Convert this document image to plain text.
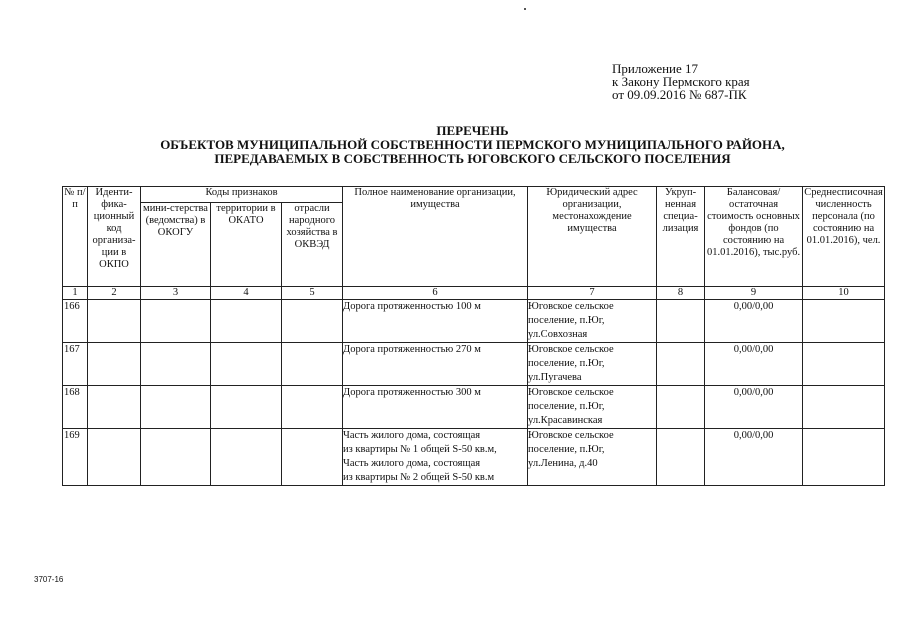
Приложение 17
к Закону Пермского края
от 09.09.2016 № 687-ПК
ПЕРЕЧЕНЬ
ОБЪЕКТОВ МУНИЦИПАЛЬНОЙ СОБСТВЕННОСТИ ПЕРМСКОГО МУНИЦИПАЛЬНОГО РАЙОНА,
ПЕРЕДАВАЕМЫХ В СОБСТВЕННОСТЬ ЮГОВСКОГО СЕЛЬСКОГО ПОСЕЛЕНИЯ
№ п/п	Иденти-фика-ционный код организа-ции в ОКПО	Коды признаков			Полное наименование организации, имущества	Юридический адрес организации, местонахождение имущества	Укруп-ненная специа-лизация	Балансовая/ остаточная стоимость основных фондов (по состоянию на 01.01.2016), тыс.руб.	Среднесписочная численность персонала (по состоянию на 01.01.2016), чел.
		мини-стерства (ведомства) в ОКОГУ	территории в ОКАТО	отрасли народного хозяйства в ОКВЭД					
1	2	3	4	5	6	7	8	9	10
166					Дорога протяженностью 100 м	Юговское сельское
поселение, п.Юг,
ул.Совхозная		0,00/0,00	
167					Дорога протяженностью 270 м	Юговское сельское
поселение, п.Юг,
ул.Пугачева		0,00/0,00	
168					Дорога протяженностью 300 м	Юговское сельское
поселение, п.Юг,
ул.Красавинская		0,00/0,00	
169					Часть жилого дома, состоящая
из квартиры № 1 общей S-50 кв.м,
Часть жилого дома, состоящая
из квартиры № 2 общей S-50 кв.м	Юговское сельское
поселение, п.Юг,
ул.Ленина, д.40		0,00/0,00	
3707-16
